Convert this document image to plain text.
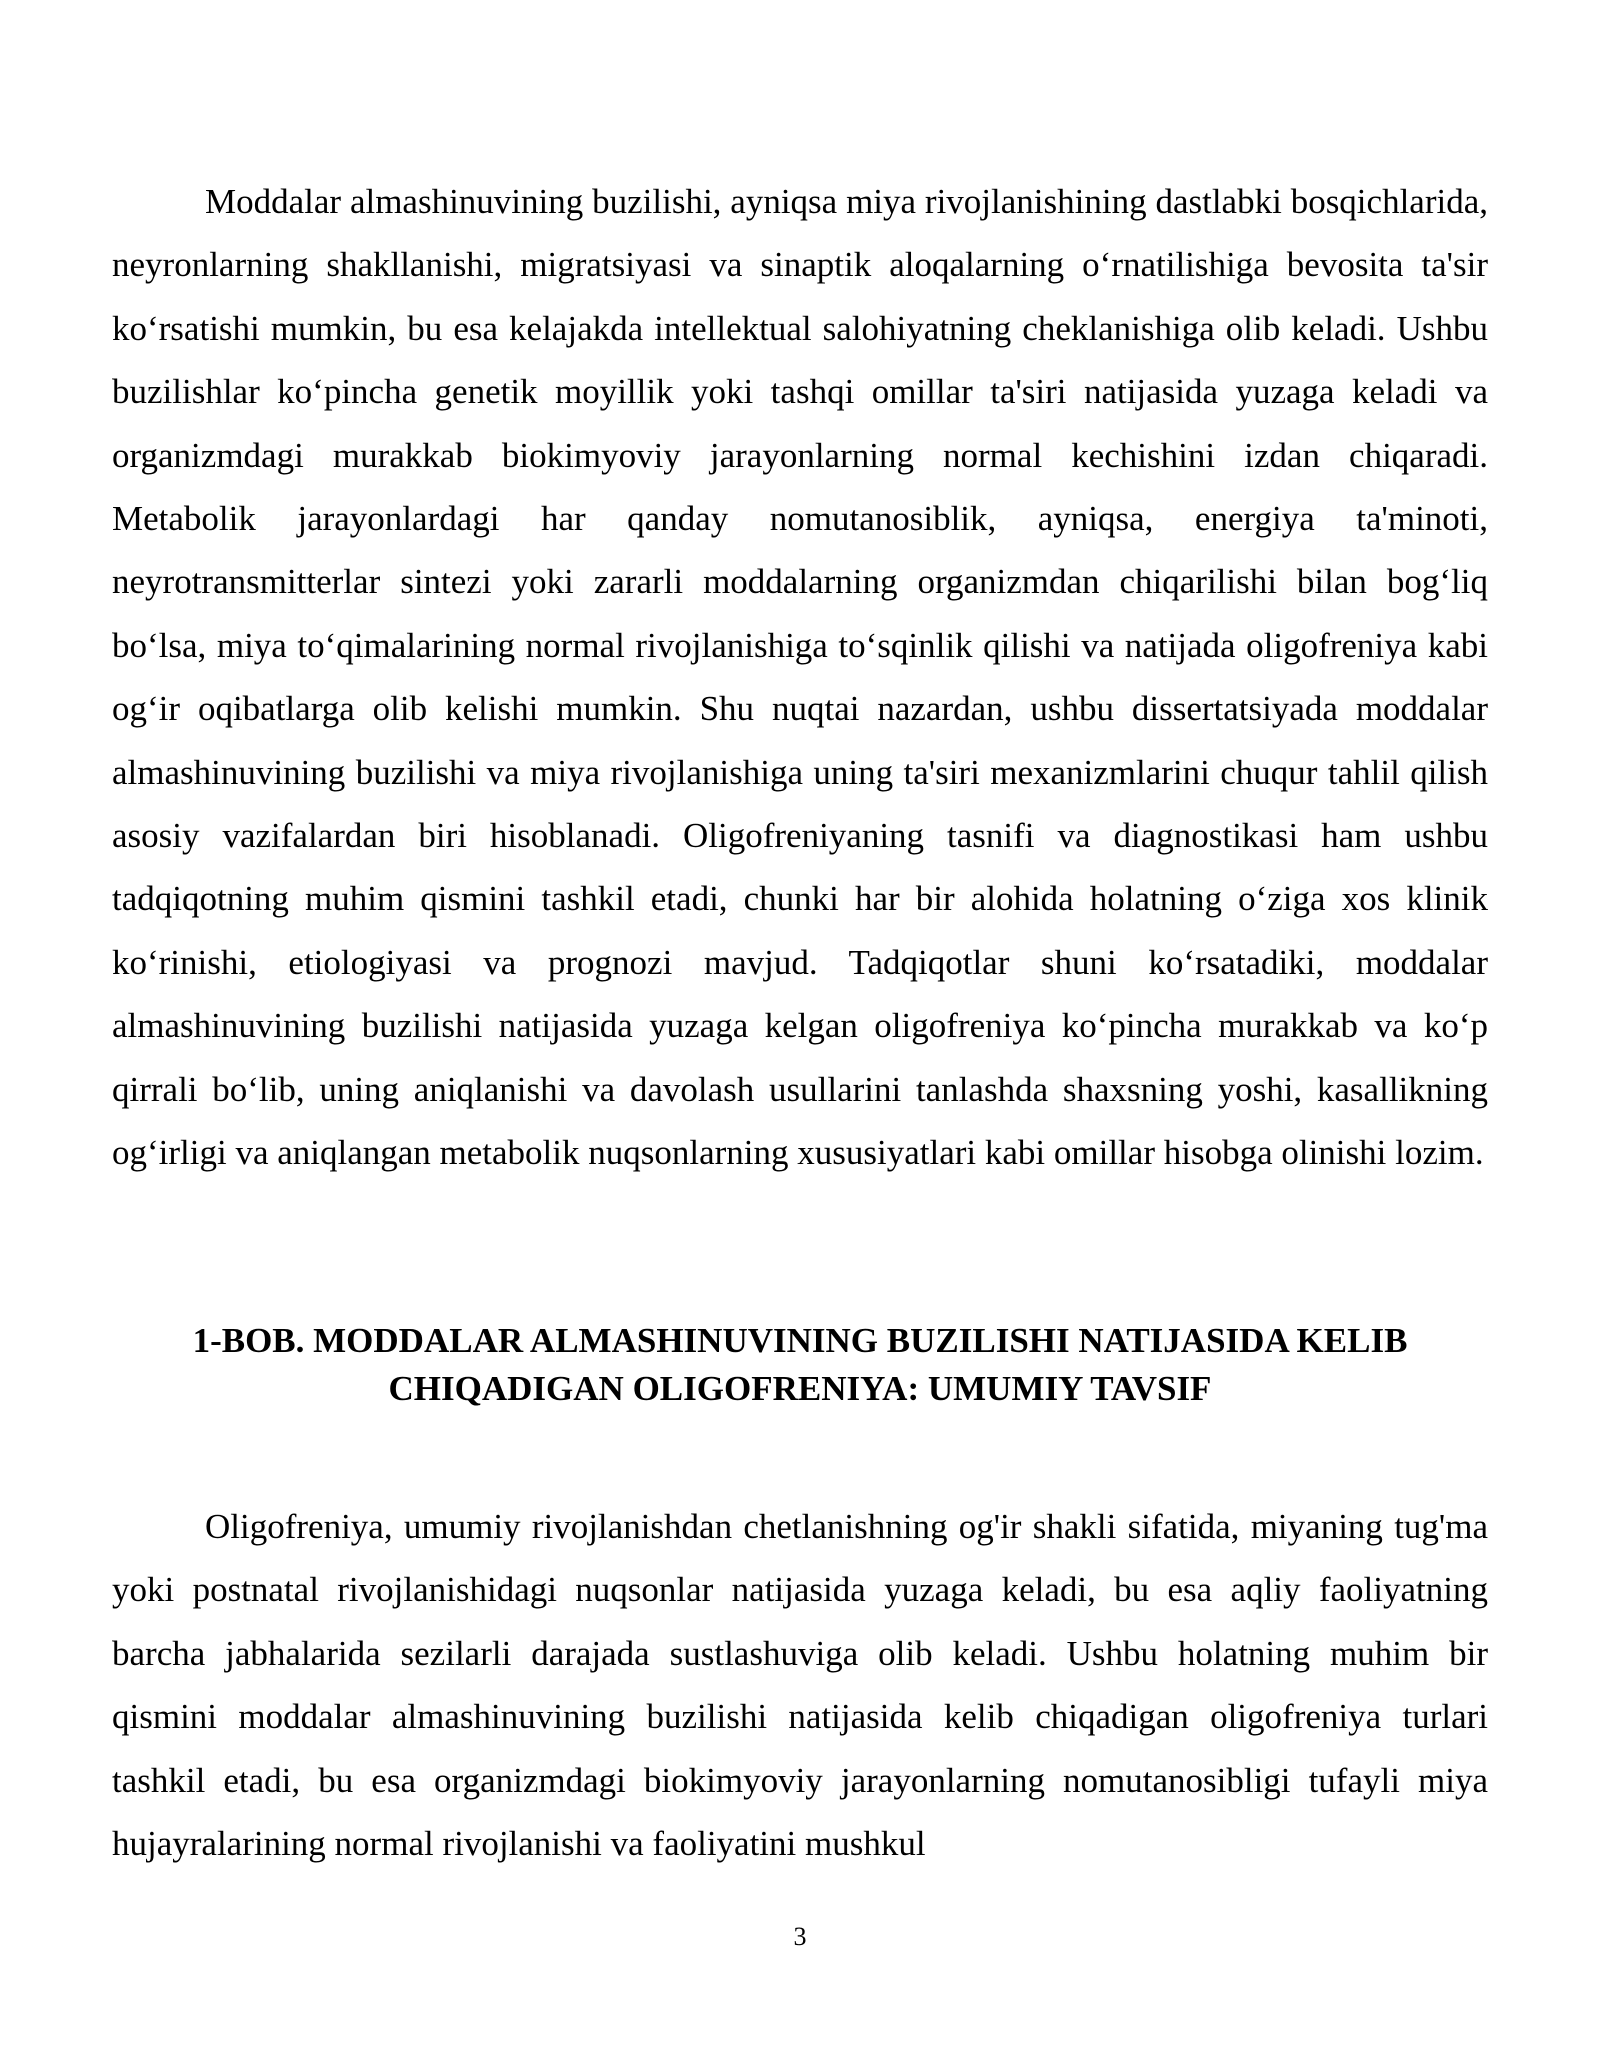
Moddalar almashinuvining buzilishi, ayniqsa miya rivojlanishining dastlabki bosqichlarida, neyronlarning shakllanishi, migratsiyasi va sinaptik aloqalarning oʻrnatilishiga bevosita ta'sir koʻrsatishi mumkin, bu esa kelajakda intellektual salohiyatning cheklanishiga olib keladi. Ushbu buzilishlar koʻpincha genetik moyillik yoki tashqi omillar ta'siri natijasida yuzaga keladi va organizmdagi murakkab biokimyoviy jarayonlarning normal kechishini izdan chiqaradi. Metabolik jarayonlardagi har qanday nomutanosiblik, ayniqsa, energiya ta'minoti, neyrotransmitterlar sintezi yoki zararli moddalarning organizmdan chiqarilishi bilan bogʻliq boʻlsa, miya toʻqimalarining normal rivojlanishiga toʻsqinlik qilishi va natijada oligofreniya kabi ogʻir oqibatlarga olib kelishi mumkin. Shu nuqtai nazardan, ushbu dissertatsiyada moddalar almashinuvining buzilishi va miya rivojlanishiga uning ta'siri mexanizmlarini chuqur tahlil qilish asosiy vazifalardan biri hisoblanadi. Oligofreniyaning tasnifi va diagnostikasi ham ushbu tadqiqotning muhim qismini tashkil etadi, chunki har bir alohida holatning oʻziga xos klinik koʻrinishi, etiologiyasi va prognozi mavjud. Tadqiqotlar shuni koʻrsatadiki, moddalar almashinuvining buzilishi natijasida yuzaga kelgan oligofreniya koʻpincha murakkab va koʻp qirrali boʻlib, uning aniqlanishi va davolash usullarini tanlashda shaxsning yoshi, kasallikning ogʻirligi va aniqlangan metabolik nuqsonlarning xususiyatlari kabi omillar hisobga olinishi lozim.

1-BOB. MODDALAR ALMASHINUVINING BUZILISHI NATIJASIDA KELIB

CHIQADIGAN OLIGOFRENIYA: UMUMIY TAVSIF

Oligofreniya, umumiy rivojlanishdan chetlanishning og'ir shakli sifatida, miyaning tug'ma yoki postnatal rivojlanishidagi nuqsonlar natijasida yuzaga keladi, bu esa aqliy faoliyatning barcha jabhalarida sezilarli darajada sustlashuviga olib keladi. Ushbu holatning muhim bir qismini moddalar almashinuvining buzilishi natijasida kelib chiqadigan oligofreniya turlari tashkil etadi, bu esa organizmdagi biokimyoviy jarayonlarning nomutanosibligi tufayli miya hujayralarining normal rivojlanishi va faoliyatini mushkul

3
